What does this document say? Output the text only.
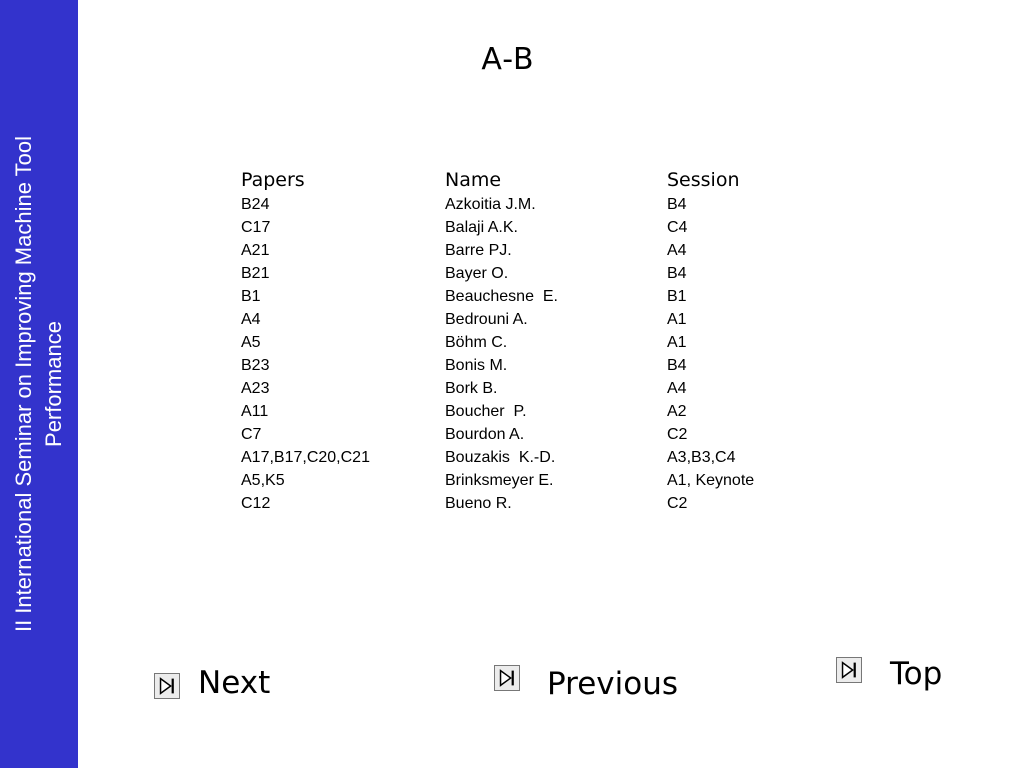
II International Seminar on Improving Machine Tool Performance
A-B
Papers	Name	Session
B24	Azkoitia J.M.	B4
C17	Balaji A.K.	C4
A21	Barre PJ.	A4
B21	Bayer O.	B4
B1	Beauchesne  E.	B1
A4	Bedrouni A.	A1
A5	Böhm C.	A1
B23	Bonis M.	B4
A23	Bork B.	A4
A11	Boucher  P.	A2
C7	Bourdon A.	C2
A17,B17,C20,C21	Bouzakis  K.-D.	A3,B3,C4
A5,K5	Brinksmeyer E.	A1, Keynote
C12	Bueno R.	C2
Next	Previous	Top
